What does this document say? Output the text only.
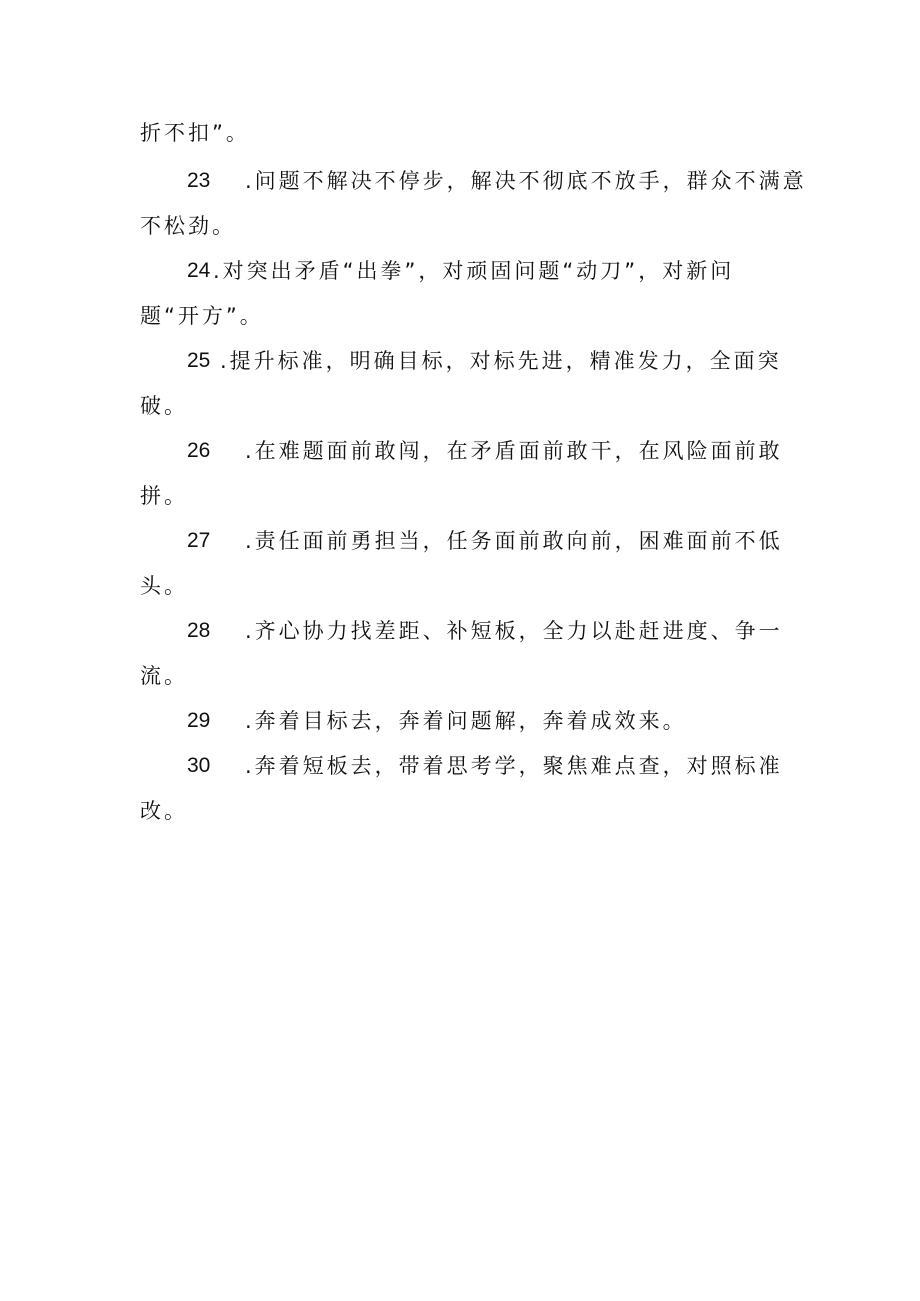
折不扣”。
23 .问题不解决不停步，解决不彻底不放手，群众不满意
不松劲。
24 .对突出矛盾“出拳”，对顽固问题“动刀”，对新问
题“开方”。
25 .提升标准，明确目标，对标先进，精准发力，全面突
破。
26 .在难题面前敢闯，在矛盾面前敢干，在风险面前敢
拼。
27 .责任面前勇担当，任务面前敢向前，困难面前不低
头。
28 .齐心协力找差距、补短板，全力以赴赶进度、争一
流。
29 .奔着目标去，奔着问题解，奔着成效来。
30 .奔着短板去，带着思考学，聚焦难点查，对照标准
改。
